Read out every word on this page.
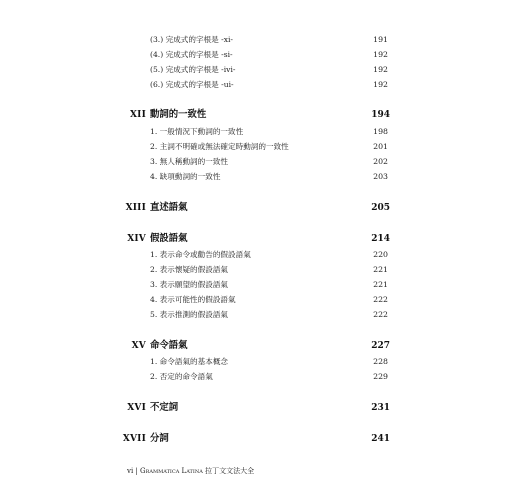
(3.) 完成式的字根是 -xi-	191
(4.) 完成式的字根是 -si-	192
(5.) 完成式的字根是 -ivi-	192
(6.) 完成式的字根是 -ui-	192
XII 動詞的一致性	194
1. 一般情況下動詞的一致性	198
2. 主詞不明確或無法確定時動詞的一致性	201
3. 無人稱動詞的一致性	202
4. 缺項動詞的一致性	203
XIII 直述語氣	205
XIV 假設語氣	214
1. 表示命令或勸告的假設語氣	220
2. 表示懷疑的假設語氣	221
3. 表示願望的假設語氣	221
4. 表示可能性的假設語氣	222
5. 表示推測的假設語氣	222
XV 命令語氣	227
1. 命令語氣的基本概念	228
2. 否定的命令語氣	229
XVI 不定詞	231
XVII 分詞	241
vi | Grammatica Latina 拉丁文文法大全
